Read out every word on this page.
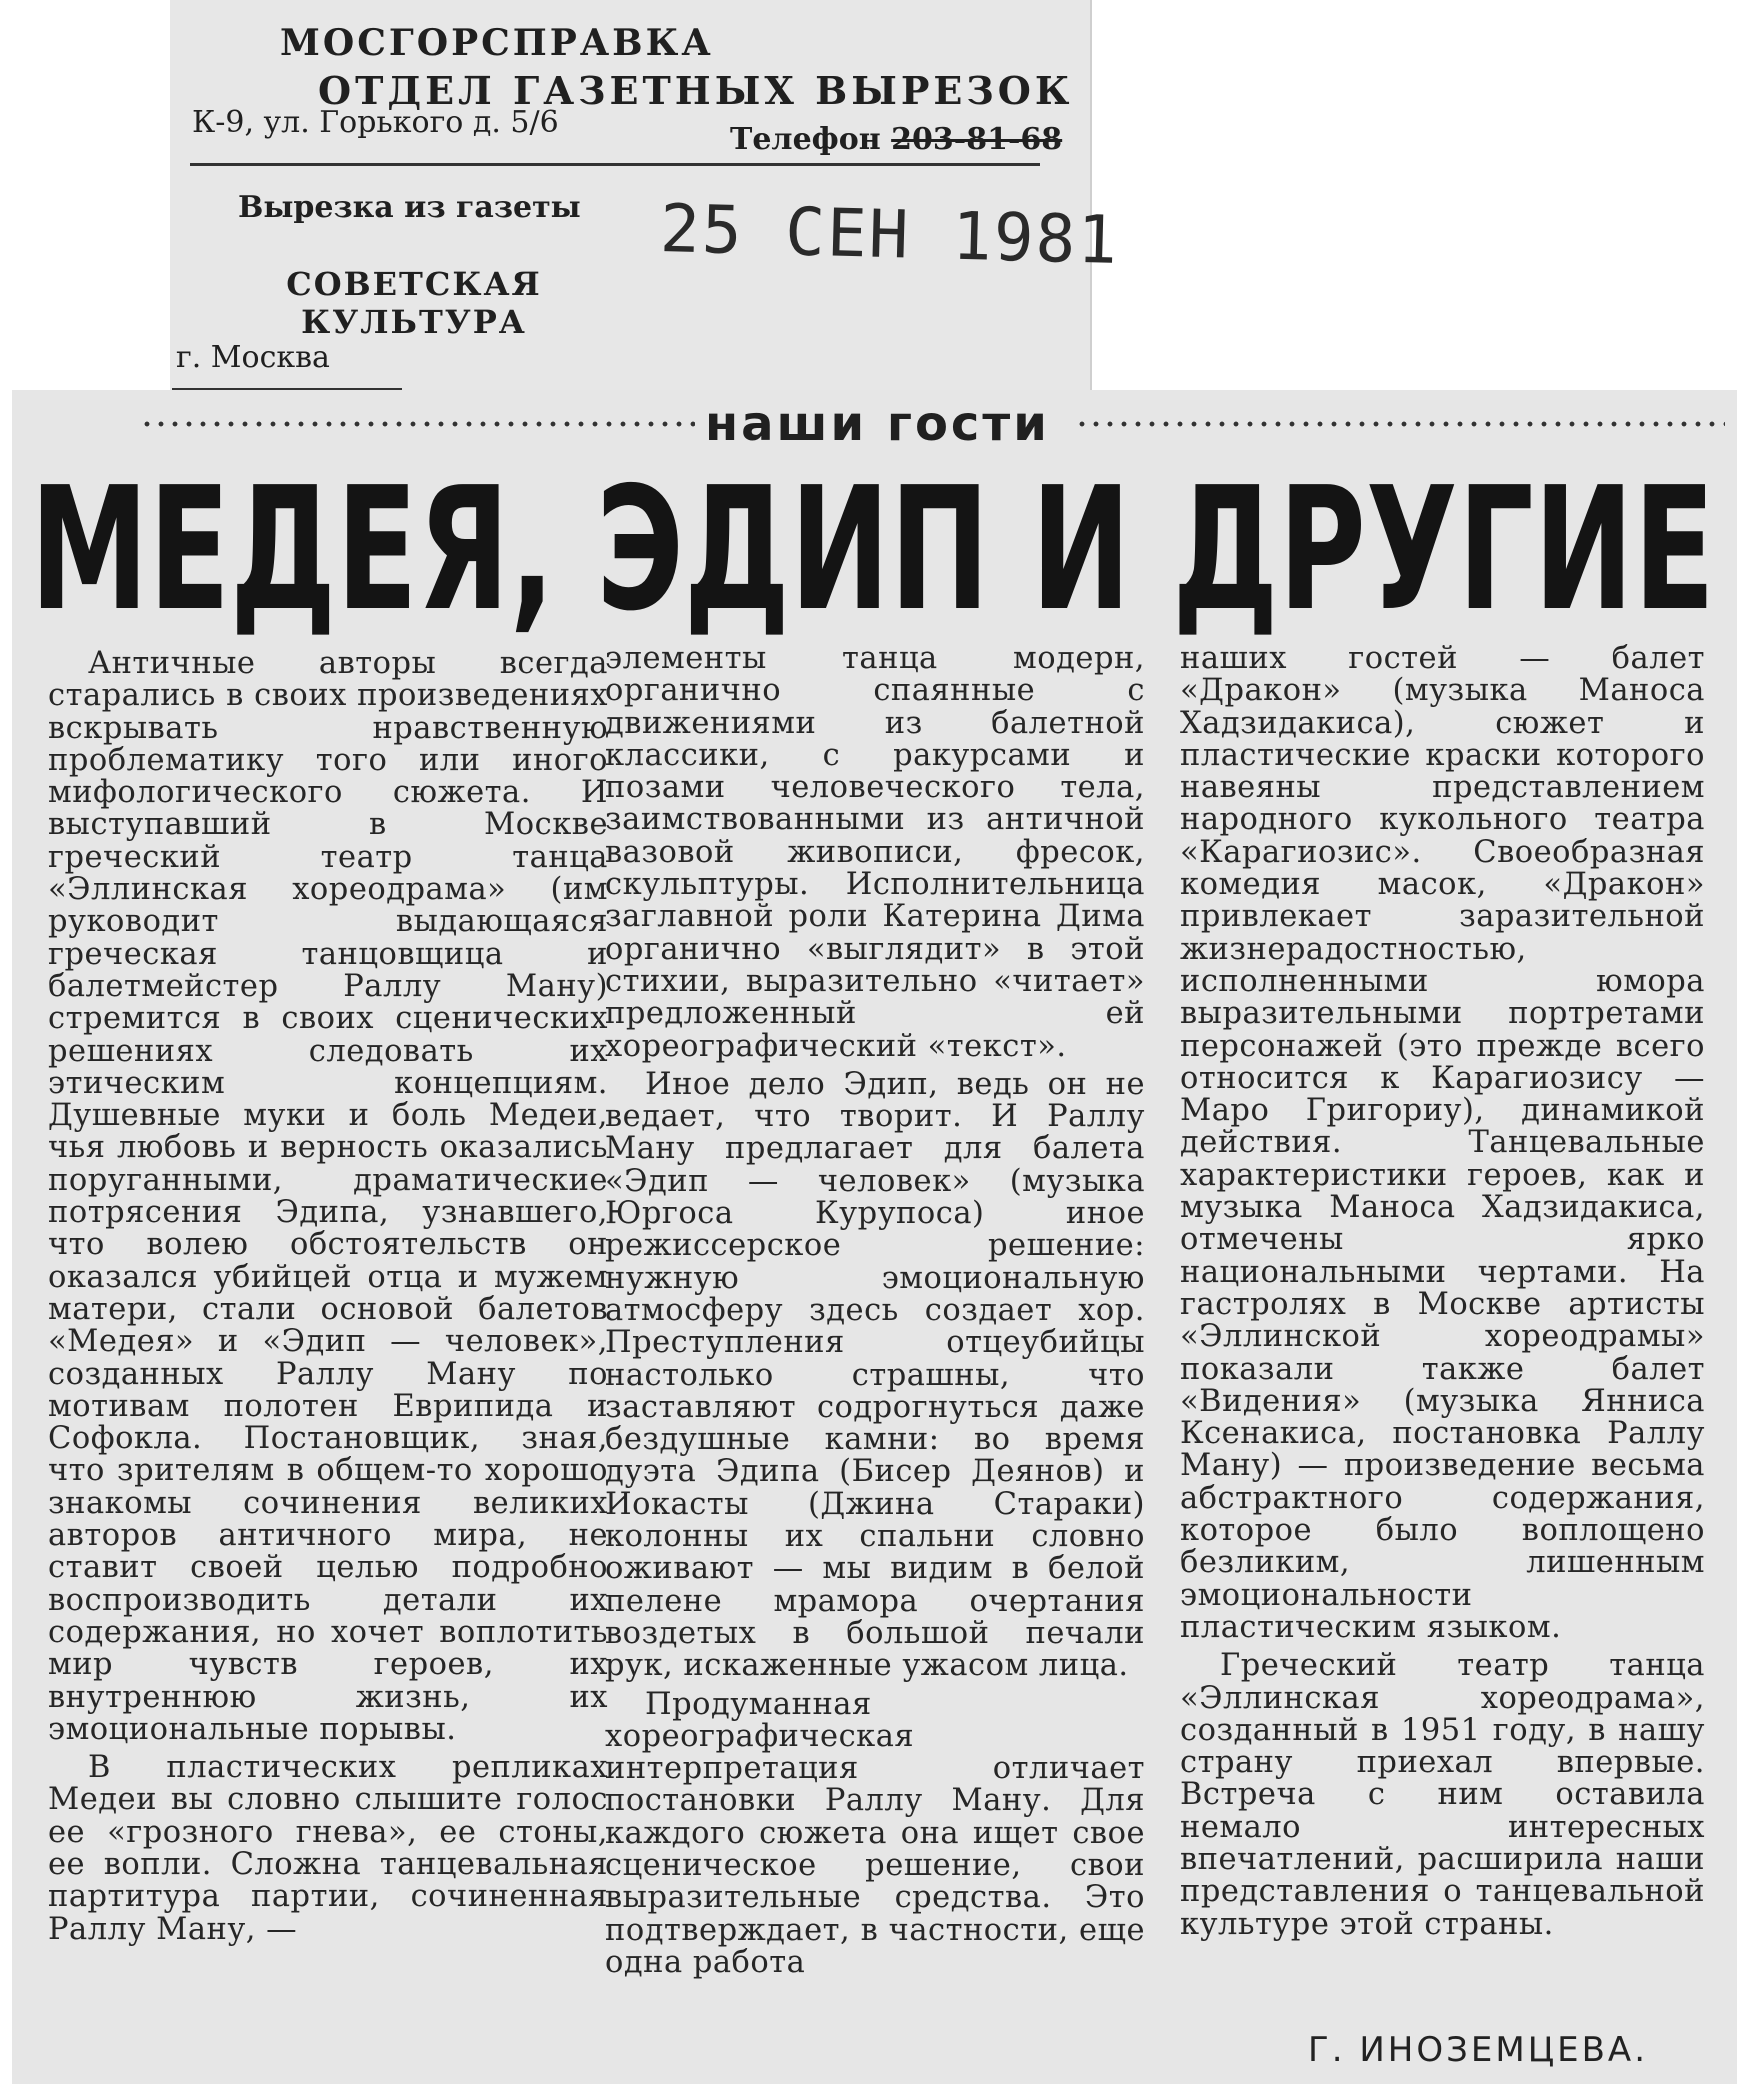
МОСГОРСПРАВКА
ОТДЕЛ ГАЗЕТНЫХ ВЫРЕЗОК
К-9, ул. Горького д. 5/6	Телефон 203-81-68
Вырезка из газеты
СОВЕТСКАЯ КУЛЬТУРА
г. Москва
25 СЕН 1981
наши гости
МЕДЕЯ, ЭДИП И ДРУГИЕ

Античные авторы всегда старались в своих произведениях вскрывать нравственную проблематику того или иного мифологического сюжета. И выступавший в Москве греческий театр танца «Эллинская хореодрама» (им руководит выдающаяся греческая танцовщица и балетмейстер Раллу Ману) стремится в своих сценических решениях следовать их этическим концепциям. Душевные муки и боль Медеи, чья любовь и верность оказались поруганными, драматические потрясения Эдипа, узнавшего, что волею обстоятельств он оказался убийцей отца и мужем матери, стали основой балетов «Медея» и «Эдип — человек», созданных Раллу Ману по мотивам полотен Еврипида и Софокла. Постановщик, зная, что зрителям в общем-то хорошо знакомы сочинения великих авторов античного мира, не ставит своей целью подробно воспроизводить детали их содержания, но хочет воплотить мир чувств героев, их внутреннюю жизнь, их эмоциональные порывы.

В пластических репликах Медеи вы словно слышите голос ее «грозного гнева», ее стоны, ее вопли. Сложна танцевальная партитура партии, сочиненная Раллу Ману, —

элементы танца модерн, органично спаянные с движениями из балетной классики, с ракурсами и позами человеческого тела, заимствованными из античной вазовой живописи, фресок, скульптуры. Исполнительница заглавной роли Катерина Дима органично «выглядит» в этой стихии, выразительно «читает» предложенный ей хореографический «текст».

Иное дело Эдип, ведь он не ведает, что творит. И Раллу Ману предлагает для балета «Эдип — человек» (музыка Юргоса Курупоса) иное режиссерское решение: нужную эмоциональную атмосферу здесь создает хор. Преступления отцеубийцы настолько страшны, что заставляют содрогнуться даже бездушные камни: во время дуэта Эдипа (Бисер Деянов) и Иокасты (Джина Стараки) колонны их спальни словно оживают — мы видим в белой пелене мрамора очертания воздетых в большой печали рук, искаженные ужасом лица.

Продуманная хореографическая интерпретация отличает постановки Раллу Ману. Для каждого сюжета она ищет свое сценическое решение, свои выразительные средства. Это подтверждает, в частности, еще одна работа

наших гостей — балет «Дракон» (музыка Маноса Хадзидакиса), сюжет и пластические краски которого навеяны представлением народного кукольного театра «Карагиозис». Своеобразная комедия масок, «Дракон» привлекает заразительной жизнерадостностью, исполненными юмора выразительными портретами персонажей (это прежде всего относится к Карагиозису — Маро Григориу), динамикой действия. Танцевальные характеристики героев, как и музыка Маноса Хадзидакиса, отмечены ярко национальными чертами. На гастролях в Москве артисты «Эллинской хореодрамы» показали также балет «Видения» (музыка Янниса Ксенакиса, постановка Раллу Ману) — произведение весьма абстрактного содержания, которое было воплощено безликим, лишенным эмоциональности пластическим языком.

Греческий театр танца «Эллинская хореодрама», созданный в 1951 году, в нашу страну приехал впервые. Встреча с ним оставила немало интересных впечатлений, расширила наши представления о танцевальной культуре этой страны.

Г. ИНОЗЕМЦЕВА.
